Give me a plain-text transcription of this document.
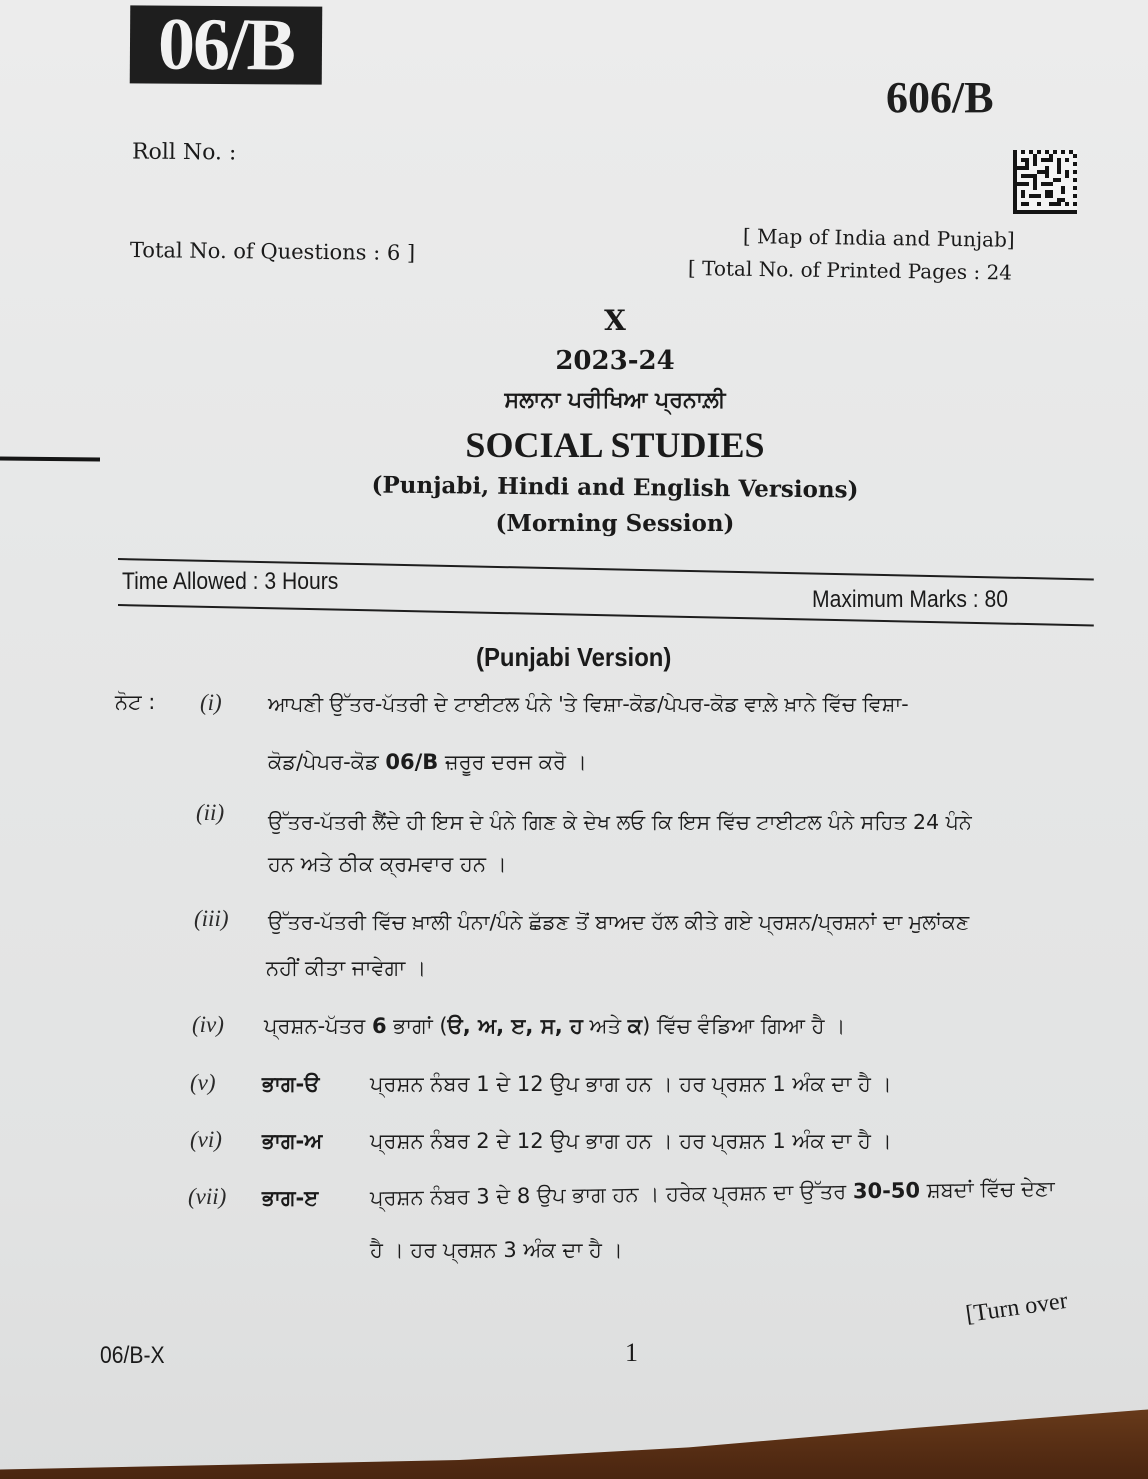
06/B
606/B
Roll No. :
Total No. of Questions : 6 ]	[ Map of India and Punjab]
[ Total No. of Printed Pages : 24
X
2023-24
ਸਲਾਨਾ ਪਰੀਖਿਆ ਪ੍ਰਨਾਲ਼ੀ
SOCIAL STUDIES
(Punjabi, Hindi and English Versions)
(Morning Session)
Time Allowed : 3 Hours
Maximum Marks : 80
(Punjabi Version)
ਨੋਟ : (i) ਆਪਣੀ ਉੱਤਰ-ਪੱਤਰੀ ਦੇ ਟਾਈਟਲ ਪੰਨੇ 'ਤੇ ਵਿਸ਼ਾ-ਕੋਡ/ਪੇਪਰ-ਕੋਡ ਵਾਲ਼ੇ ਖ਼ਾਨੇ ਵਿੱਚ ਵਿਸ਼ਾ-
ਕੋਡ/ਪੇਪਰ-ਕੋਡ 06/B ਜ਼ਰੂਰ ਦਰਜ ਕਰੋ ।
(ii) ਉੱਤਰ-ਪੱਤਰੀ ਲੈਂਦੇ ਹੀ ਇਸ ਦੇ ਪੰਨੇ ਗਿਣ ਕੇ ਦੇਖ ਲਓ ਕਿ ਇਸ ਵਿੱਚ ਟਾਈਟਲ ਪੰਨੇ ਸਹਿਤ 24 ਪੰਨੇ
ਹਨ ਅਤੇ ਠੀਕ ਕ੍ਰਮਵਾਰ ਹਨ ।
(iii) ਉੱਤਰ-ਪੱਤਰੀ ਵਿੱਚ ਖ਼ਾਲੀ ਪੰਨਾ/ਪੰਨੇ ਛੱਡਣ ਤੋਂ ਬਾਅਦ ਹੱਲ ਕੀਤੇ ਗਏ ਪ੍ਰਸ਼ਨ/ਪ੍ਰਸ਼ਨਾਂ ਦਾ ਮੁਲਾਂਕਣ
ਨਹੀਂ ਕੀਤਾ ਜਾਵੇਗਾ ।
(iv) ਪ੍ਰਸ਼ਨ-ਪੱਤਰ 6 ਭਾਗਾਂ (ੳ, ਅ, ੲ, ਸ, ਹ ਅਤੇ ਕ) ਵਿੱਚ ਵੰਡਿਆ ਗਿਆ ਹੈ ।
(v) ਭਾਗ-ੳ ਪ੍ਰਸ਼ਨ ਨੰਬਰ 1 ਦੇ 12 ਉਪ ਭਾਗ ਹਨ । ਹਰ ਪ੍ਰਸ਼ਨ 1 ਅੰਕ ਦਾ ਹੈ ।
(vi) ਭਾਗ-ਅ ਪ੍ਰਸ਼ਨ ਨੰਬਰ 2 ਦੇ 12 ਉਪ ਭਾਗ ਹਨ । ਹਰ ਪ੍ਰਸ਼ਨ 1 ਅੰਕ ਦਾ ਹੈ ।
(vii) ਭਾਗ-ੲ ਪ੍ਰਸ਼ਨ ਨੰਬਰ 3 ਦੇ 8 ਉਪ ਭਾਗ ਹਨ । ਹਰੇਕ ਪ੍ਰਸ਼ਨ ਦਾ ਉੱਤਰ 30-50 ਸ਼ਬਦਾਂ ਵਿੱਚ ਦੇਣਾ
ਹੈ । ਹਰ ਪ੍ਰਸ਼ਨ 3 ਅੰਕ ਦਾ ਹੈ ।
06/B-X	1
[Turn over
